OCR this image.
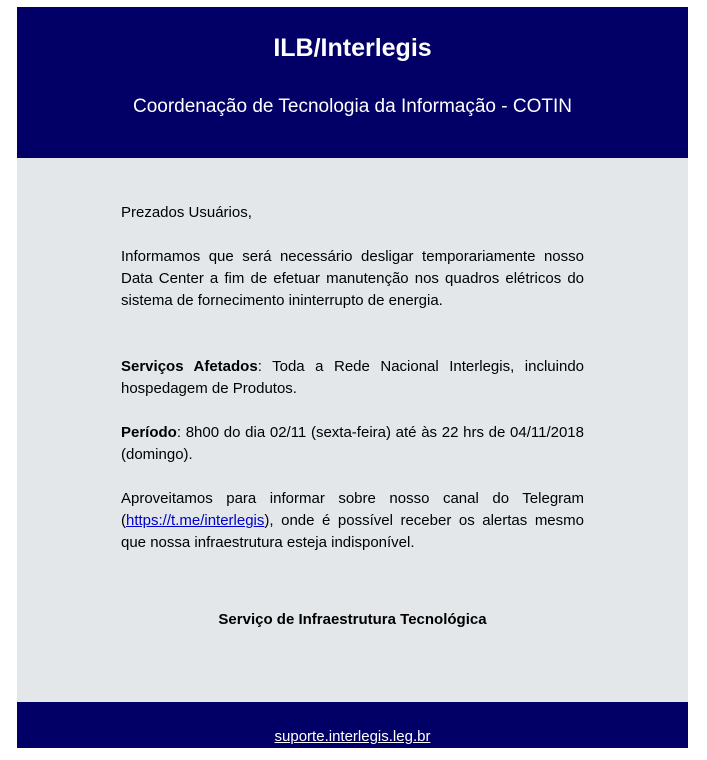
ILB/Interlegis
Coordenação de Tecnologia da Informação - COTIN

Prezados Usuários,

Informamos que será necessário desligar temporariamente nosso Data Center a fim de efetuar manutenção nos quadros elétricos do sistema de fornecimento ininterrupto de energia.

Serviços Afetados: Toda a Rede Nacional Interlegis, incluindo hospedagem de Produtos.

Período: 8h00 do dia 02/11 (sexta-feira) até às 22 hrs de 04/11/2018 (domingo).

Aproveitamos para informar sobre nosso canal do Telegram (https://t.me/interlegis), onde é possível receber os alertas mesmo que nossa infraestrutura esteja indisponível.

Serviço de Infraestrutura Tecnológica

suporte.interlegis.leg.br
